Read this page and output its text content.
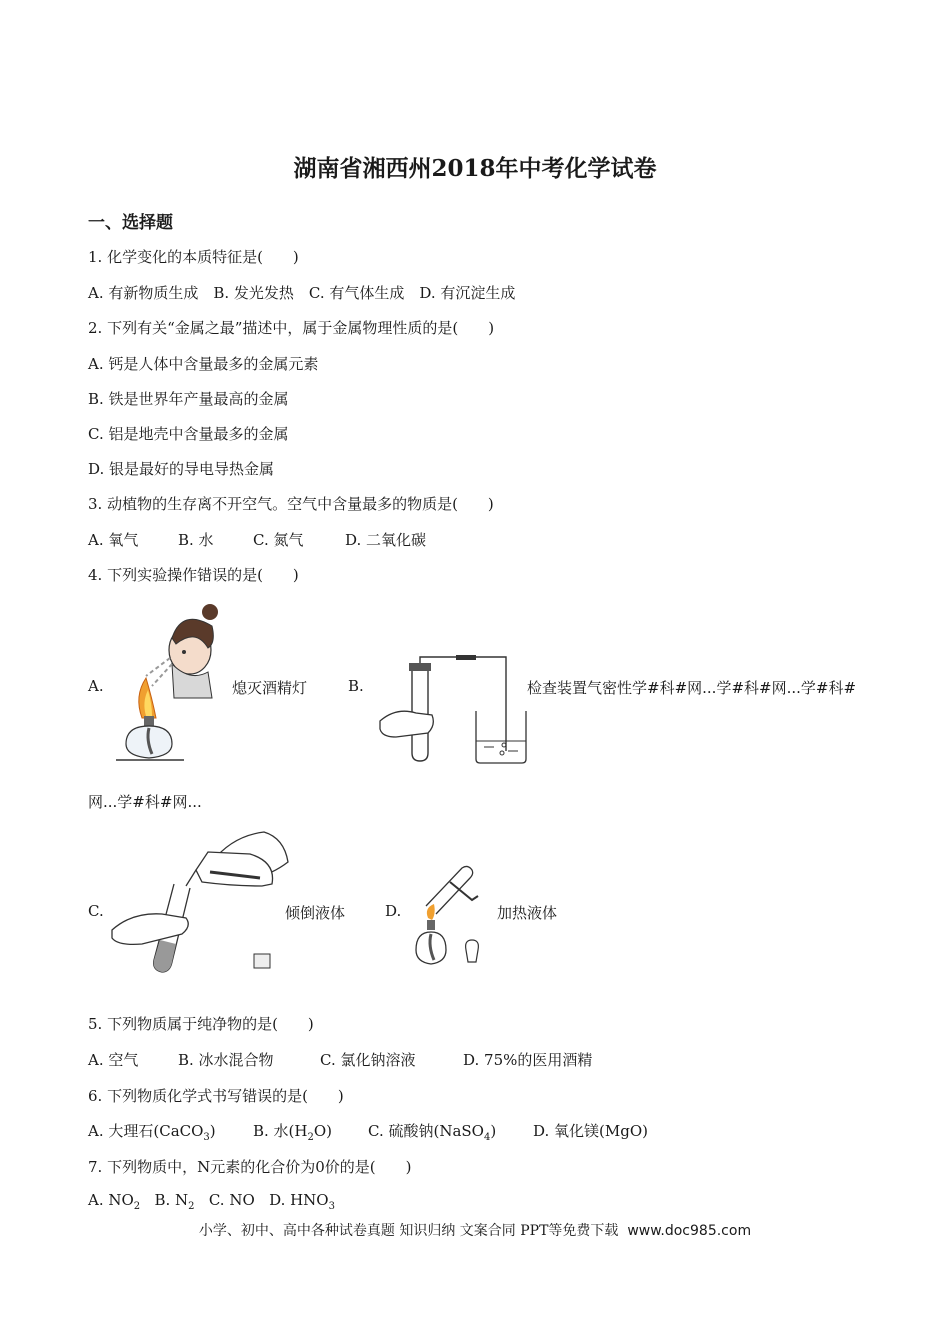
湖南省湘西州2018年中考化学试卷
一、选择题
1. 化学变化的本质特征是(　　)
A. 有新物质生成　B. 发光发热　C. 有气体生成　D. 有沉淀生成
2. 下列有关“金属之最”描述中，属于金属物理性质的是(　　)
A. 钙是人体中含量最多的金属元素
B. 铁是世界年产量最高的金属
C. 铝是地壳中含量最多的金属
D. 银是最好的导电导热金属
3. 动植物的生存离不开空气。空气中含量最多的物质是(　　)
A. 氧气	B. 水	C. 氮气	D. 二氧化碳
4. 下列实验操作错误的是(　　)
A.	熄灭酒精灯	B.	检查装置气密性学#科#网...学#科#网...学#科#
网...学#科#网...
C.	倾倒液体	D.	加热液体
5. 下列物质属于纯净物的是(　　)
A. 空气	B. 冰水混合物	C. 氯化钠溶液	D. 75%的医用酒精
6. 下列物质化学式书写错误的是(　　)
A. 大理石(CaCO$_3$) B. 水$(H_2O)$ C. 硫酸钠(NaSO$_4$) D. 氧化镁(MgO)
7. 下列物质中，N元素的化合价为0价的是(　　)
A. $NO_2$ B. $N_2$ C. NO D. $HNO_3$
小学、初中、高中各种试卷真题 知识归纳 文案合同 PPT等免费下载 www.doc985.com
